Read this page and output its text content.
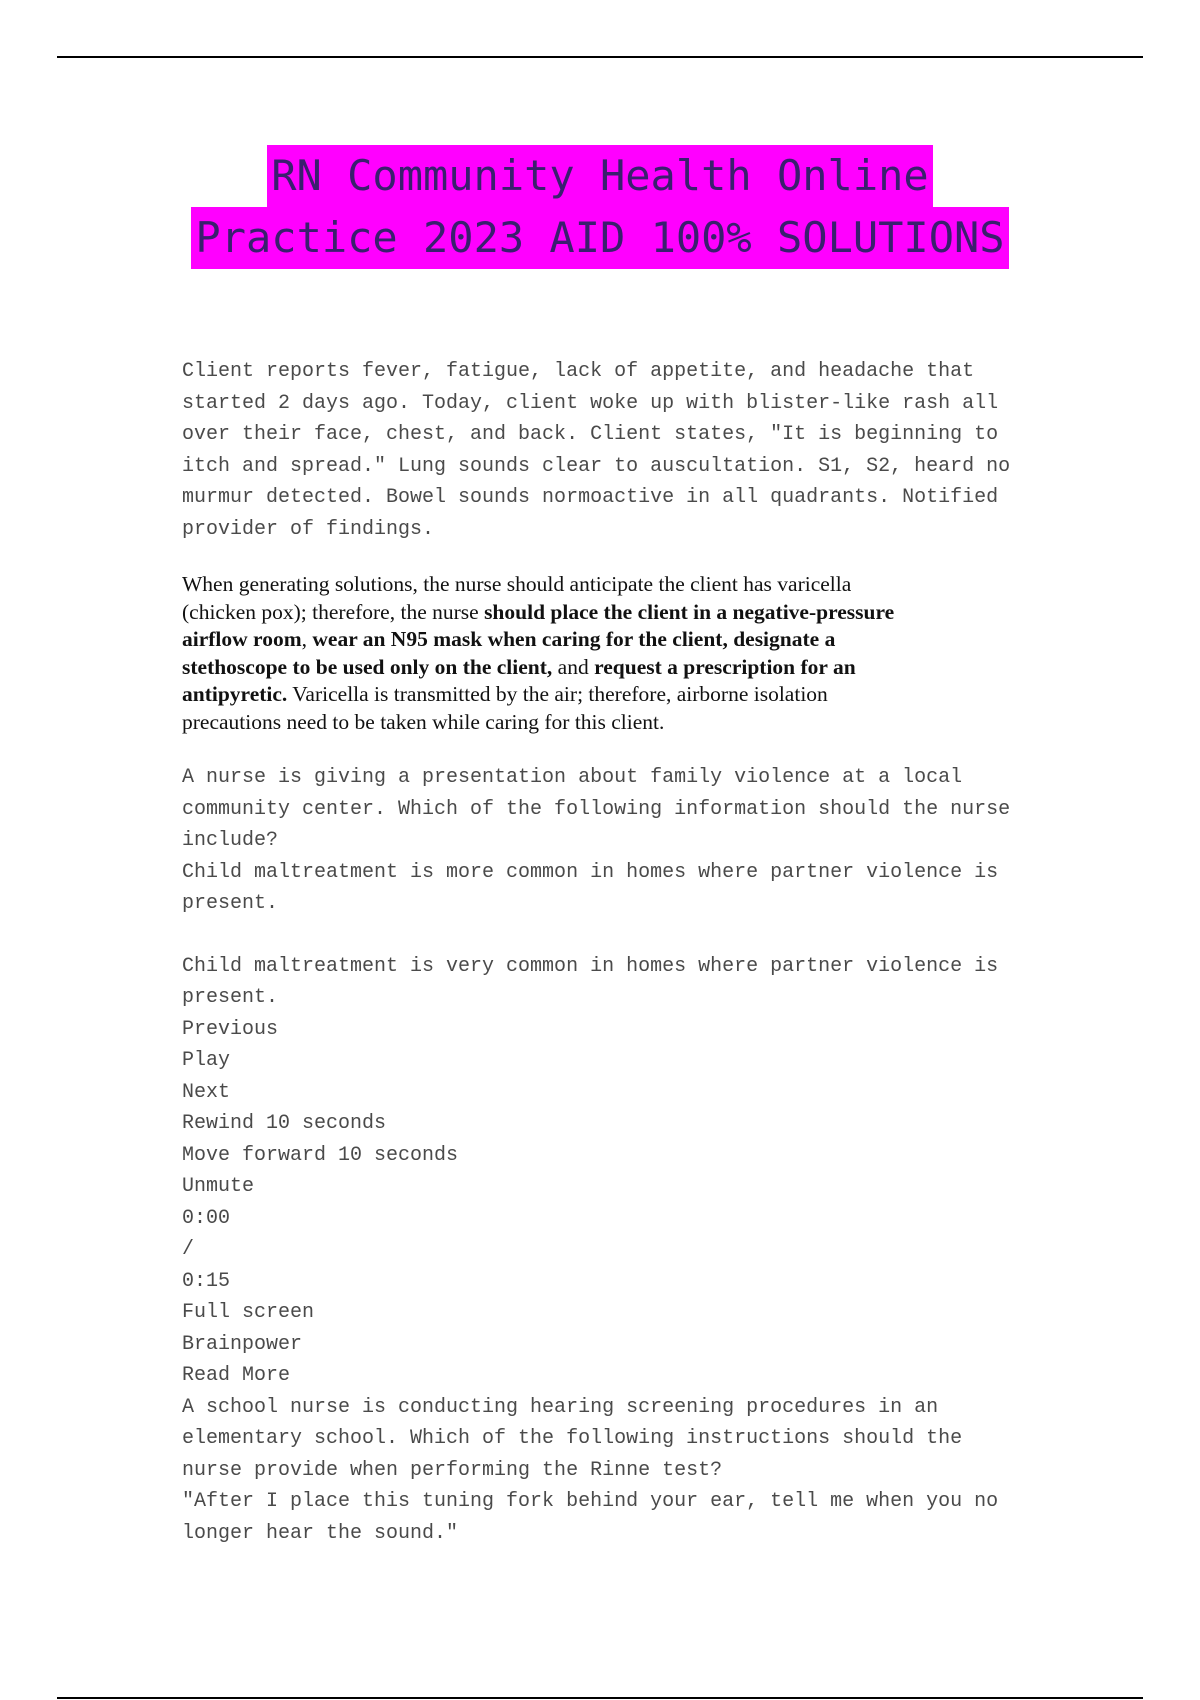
RN Community Health Online
Practice 2023 AID 100% SOLUTIONS

Client reports fever, fatigue, lack of appetite, and headache that
started 2 days ago. Today, client woke up with blister-like rash all
over their face, chest, and back. Client states, "It is beginning to
itch and spread." Lung sounds clear to auscultation. S1, S2, heard no
murmur detected. Bowel sounds normoactive in all quadrants. Notified
provider of findings.

When generating solutions, the nurse should anticipate the client has varicella
(chicken pox); therefore, the nurse should place the client in a negative-pressure
airflow room, wear an N95 mask when caring for the client, designate a
stethoscope to be used only on the client, and request a prescription for an
antipyretic. Varicella is transmitted by the air; therefore, airborne isolation
precautions need to be taken while caring for this client.

A nurse is giving a presentation about family violence at a local
community center. Which of the following information should the nurse
include?
Child maltreatment is more common in homes where partner violence is
present.

Child maltreatment is very common in homes where partner violence is
present.
Previous
Play
Next
Rewind 10 seconds
Move forward 10 seconds
Unmute
0:00
/
0:15
Full screen
Brainpower
Read More

A school nurse is conducting hearing screening procedures in an
elementary school. Which of the following instructions should the
nurse provide when performing the Rinne test?
"After I place this tuning fork behind your ear, tell me when you no
longer hear the sound."
